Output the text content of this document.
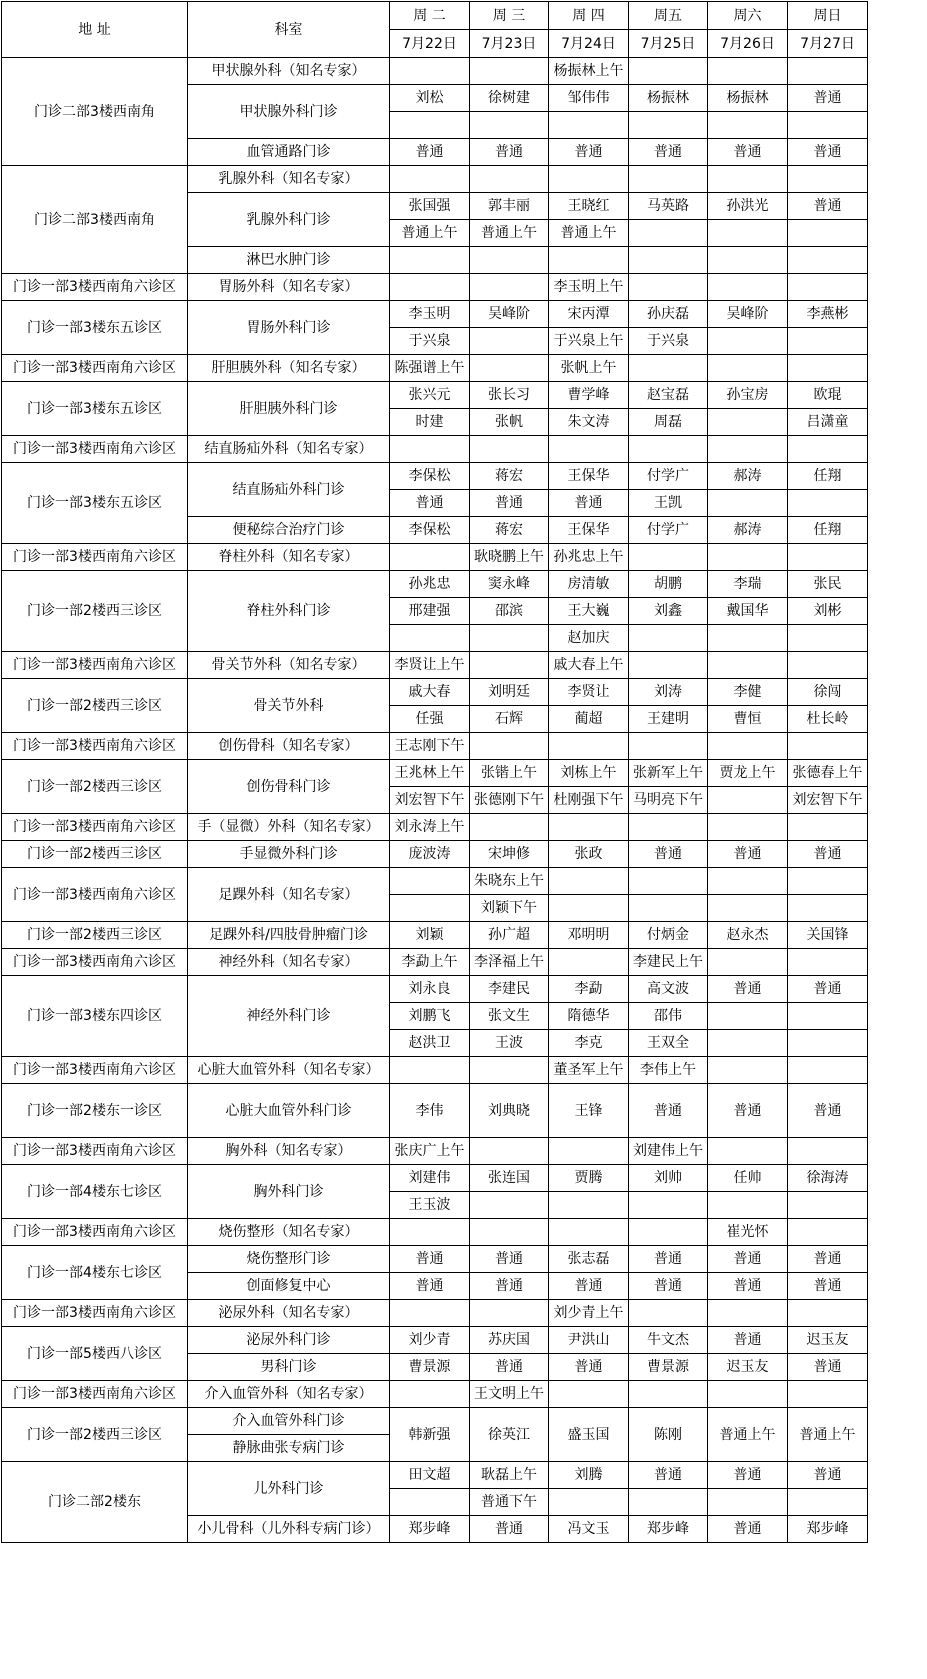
地 址	科室	周 二	周 三	周 四	周五	周六	周日
		7月22日	7月23日	7月24日	7月25日	7月26日	7月27日
门诊二部3楼西南角	甲状腺外科（知名专家）			杨振林上午			
	甲状腺外科门诊	刘松	徐树建	邹伟伟	杨振林	杨振林	普通

	血管通路门诊	普通	普通	普通	普通	普通	普通
门诊二部3楼西南角	乳腺外科（知名专家）						
	乳腺外科门诊	张国强	郭丰丽	王晓红	马英路	孙洪光	普通
		普通上午	普通上午	普通上午			
	淋巴水肿门诊						
门诊一部3楼西南角六诊区	胃肠外科（知名专家）			李玉明上午			
门诊一部3楼东五诊区	胃肠外科门诊	李玉明	吴峰阶	宋丙潭	孙庆磊	吴峰阶	李燕彬
		于兴泉		于兴泉上午	于兴泉		
门诊一部3楼西南角六诊区	肝胆胰外科（知名专家）	陈强谱上午		张帆上午			
门诊一部3楼东五诊区	肝胆胰外科门诊	张兴元	张长习	曹学峰	赵宝磊	孙宝房	欧琨
		时建	张帆	朱文涛	周磊		吕潇童
门诊一部3楼西南角六诊区	结直肠疝外科（知名专家）						
门诊一部3楼东五诊区	结直肠疝外科门诊	李保松	蒋宏	王保华	付学广	郝涛	任翔
		普通	普通	普通	王凯		
	便秘综合治疗门诊	李保松	蒋宏	王保华	付学广	郝涛	任翔
门诊一部3楼西南角六诊区	脊柱外科（知名专家）		耿晓鹏上午	孙兆忠上午			
门诊一部2楼西三诊区	脊柱外科门诊	孙兆忠	窦永峰	房清敏	胡鹏	李瑞	张民
		邢建强	邵滨	王大巍	刘鑫	戴国华	刘彬
				赵加庆			
门诊一部3楼西南角六诊区	骨关节外科（知名专家）	李贤让上午		戚大春上午			
门诊一部2楼西三诊区	骨关节外科	戚大春	刘明廷	李贤让	刘涛	李健	徐闯
		任强	石辉	蔺超	王建明	曹恒	杜长岭
门诊一部3楼西南角六诊区	创伤骨科（知名专家）	王志刚下午					
门诊一部2楼西三诊区	创伤骨科门诊	王兆林上午	张锴上午	刘栋上午	张新军上午	贾龙上午	张德春上午
		刘宏智下午	张德刚下午	杜刚强下午	马明亮下午		刘宏智下午
门诊一部3楼西南角六诊区	手（显微）外科（知名专家）	刘永涛上午					
门诊一部2楼西三诊区	手显微外科门诊	庞波涛	宋坤修	张政	普通	普通	普通
门诊一部3楼西南角六诊区	足踝外科（知名专家）		朱晓东上午				
			刘颖下午				
门诊一部2楼西三诊区	足踝外科/四肢骨肿瘤门诊	刘颖	孙广超	邓明明	付炳金	赵永杰	关国锋
门诊一部3楼西南角六诊区	神经外科（知名专家）	李勐上午	李泽福上午		李建民上午		
门诊一部3楼东四诊区	神经外科门诊	刘永良	李建民	李勐	高文波	普通	普通
		刘鹏飞	张文生	隋德华	邵伟		
		赵洪卫	王波	李克	王双全		
门诊一部3楼西南角六诊区	心脏大血管外科（知名专家）			董圣军上午	李伟上午		
门诊一部2楼东一诊区	心脏大血管外科门诊	李伟	刘典晓	王锋	普通	普通	普通

门诊一部3楼西南角六诊区	胸外科（知名专家）	张庆广上午			刘建伟上午		
门诊一部4楼东七诊区	胸外科门诊	刘建伟	张连国	贾腾	刘帅	任帅	徐海涛
		王玉波					
门诊一部3楼西南角六诊区	烧伤整形（知名专家）					崔光怀	
门诊一部4楼东七诊区	烧伤整形门诊	普通	普通	张志磊	普通	普通	普通
	创面修复中心	普通	普通	普通	普通	普通	普通
门诊一部3楼西南角六诊区	泌尿外科（知名专家）			刘少青上午			
门诊一部5楼西八诊区	泌尿外科门诊	刘少青	苏庆国	尹洪山	牛文杰	普通	迟玉友
	男科门诊	曹景源	普通	普通	曹景源	迟玉友	普通
门诊一部3楼西南角六诊区	介入血管外科（知名专家）		王文明上午				
门诊一部2楼西三诊区	介入血管外科门诊	韩新强	徐英江	盛玉国	陈刚	普通上午	普通上午
	静脉曲张专病门诊						
门诊二部2楼东	儿外科门诊	田文超	耿磊上午	刘腾	普通	普通	普通
			普通下午				
	小儿骨科（儿外科专病门诊）	郑步峰	普通	冯文玉	郑步峰	普通	郑步峰
